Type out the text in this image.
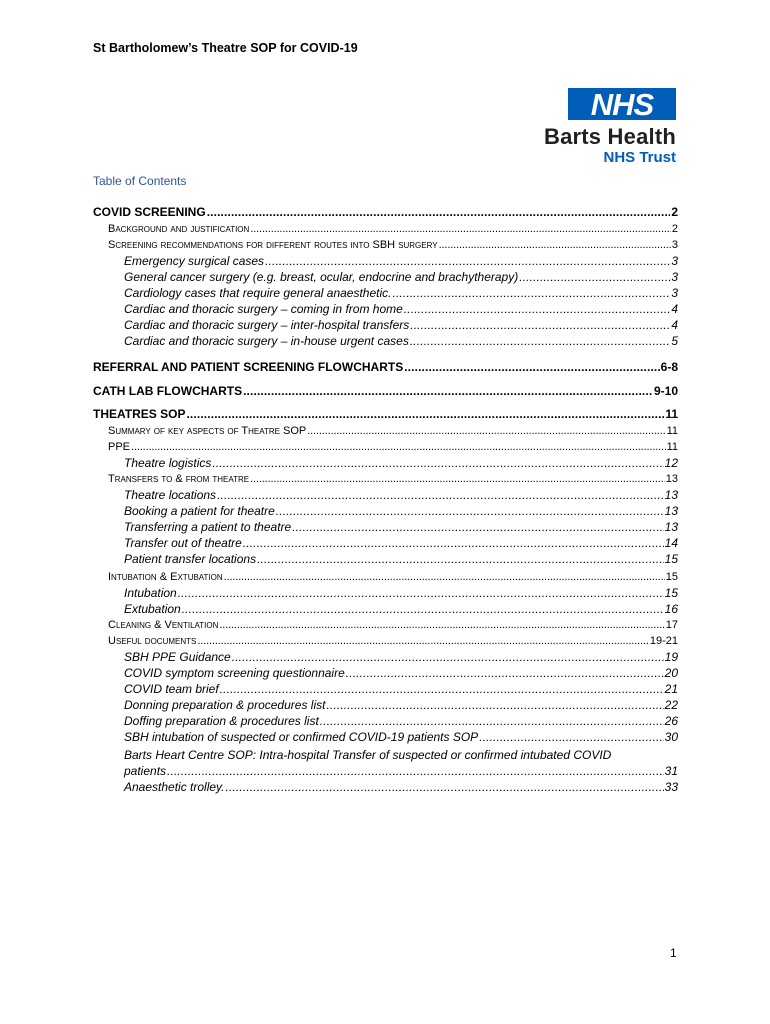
St Bartholomew’s Theatre SOP for COVID-19
NHS
Barts Health
NHS Trust
Table of Contents
COVID SCREENING . . .	2
Background and justification . . .	2
Screening recommendations for different routes into SBH surgery . . .	3
Emergency surgical cases . . .	3
General cancer surgery (e.g. breast, ocular, endocrine and brachytherapy) . . .	3
Cardiology cases that require general anaesthetic. . . .	3
Cardiac and thoracic surgery – coming in from home . . .	4
Cardiac and thoracic surgery – inter-hospital transfers . . .	4
Cardiac and thoracic surgery – in-house urgent cases . . .	5
REFERRAL AND PATIENT SCREENING FLOWCHARTS . . .	6-8
CATH LAB FLOWCHARTS . . .	9-10
THEATRES SOP . . .	11
Summary of key aspects of Theatre SOP . . .	11
PPE . . .	11
Theatre logistics . . .	12
Transfers to & from theatre . . .	13
Theatre locations . . .	13
Booking a patient for theatre . . .	13
Transferring a patient to theatre . . .	13
Transfer out of theatre . . .	14
Patient transfer locations . . .	15
Intubation & Extubation . . .	15
Intubation . . .	15
Extubation . . .	16
Cleaning & Ventilation . . .	17
Useful documents . . .	19-21
SBH PPE Guidance . . .	19
COVID symptom screening questionnaire . . .	20
COVID team brief . . .	21
Donning preparation & procedures list . . .	22
Doffing preparation & procedures list . . .	26
SBH intubation of suspected or confirmed COVID-19 patients SOP . . .	30
Barts Heart Centre SOP: Intra-hospital Transfer of suspected or confirmed intubated COVID
patients . . .	31
Anaesthetic trolley. . . .	33
1
